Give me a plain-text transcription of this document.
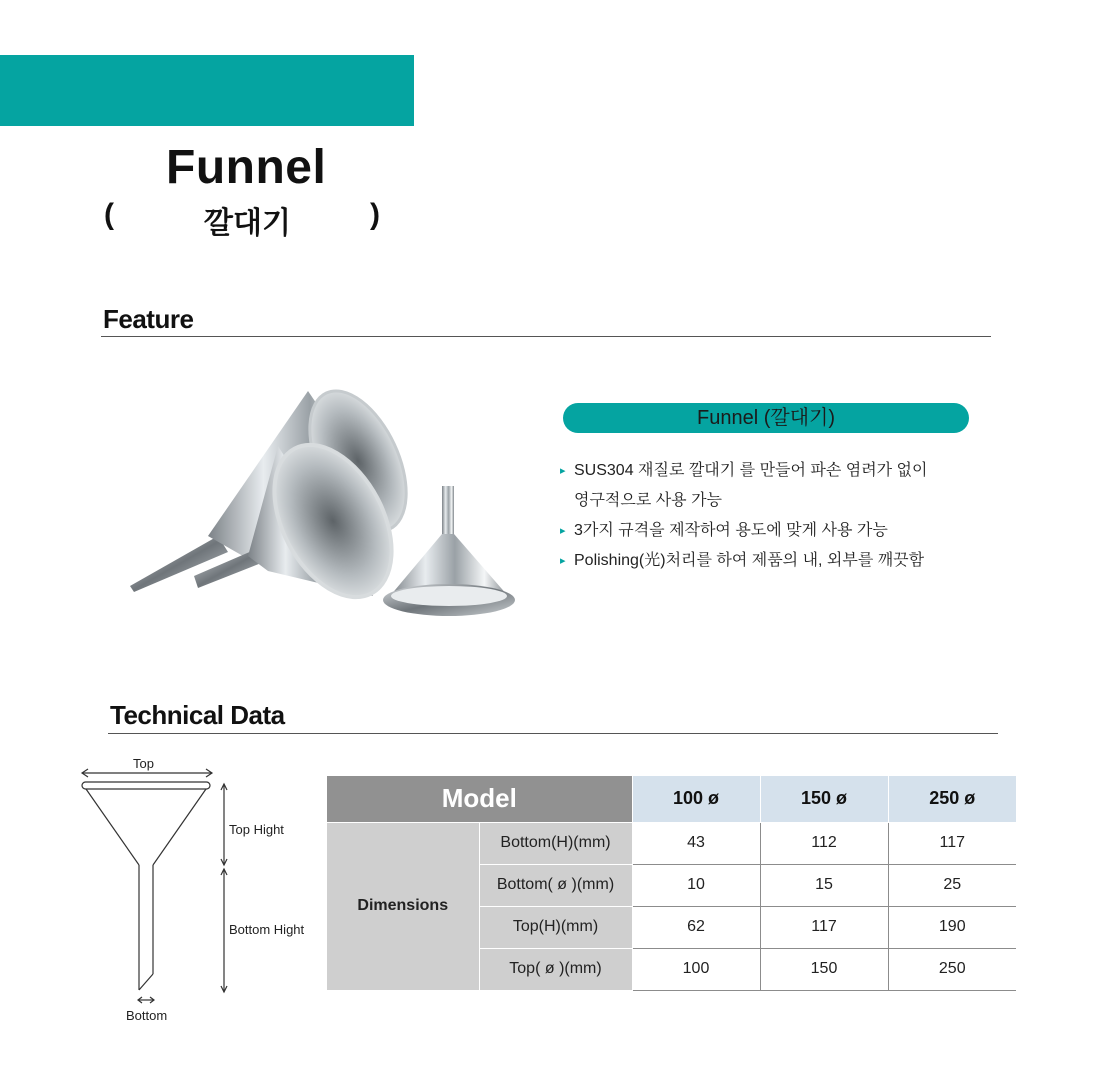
Funnel
(	깔대기	)
Feature
Funnel (깔대기)
▸ SUS304 재질로 깔대기 를 만들어 파손 염려가 없이
영구적으로 사용 가능
▸ 3가지 규격을 제작하여 용도에 맞게 사용 가능
▸ Polishing(光)처리를 하여 제품의 내, 외부를 깨끗함
Technical Data
Top
Top Hight
Bottom Hight
Bottom
Model		100 ø	150 ø	250 ø
Dimensions	Bottom(H)(mm)	43	112	117
	Bottom( ø )(mm)	10	15	25
	Top(H)(mm)	62	117	190
	Top( ø )(mm)	100	150	250
